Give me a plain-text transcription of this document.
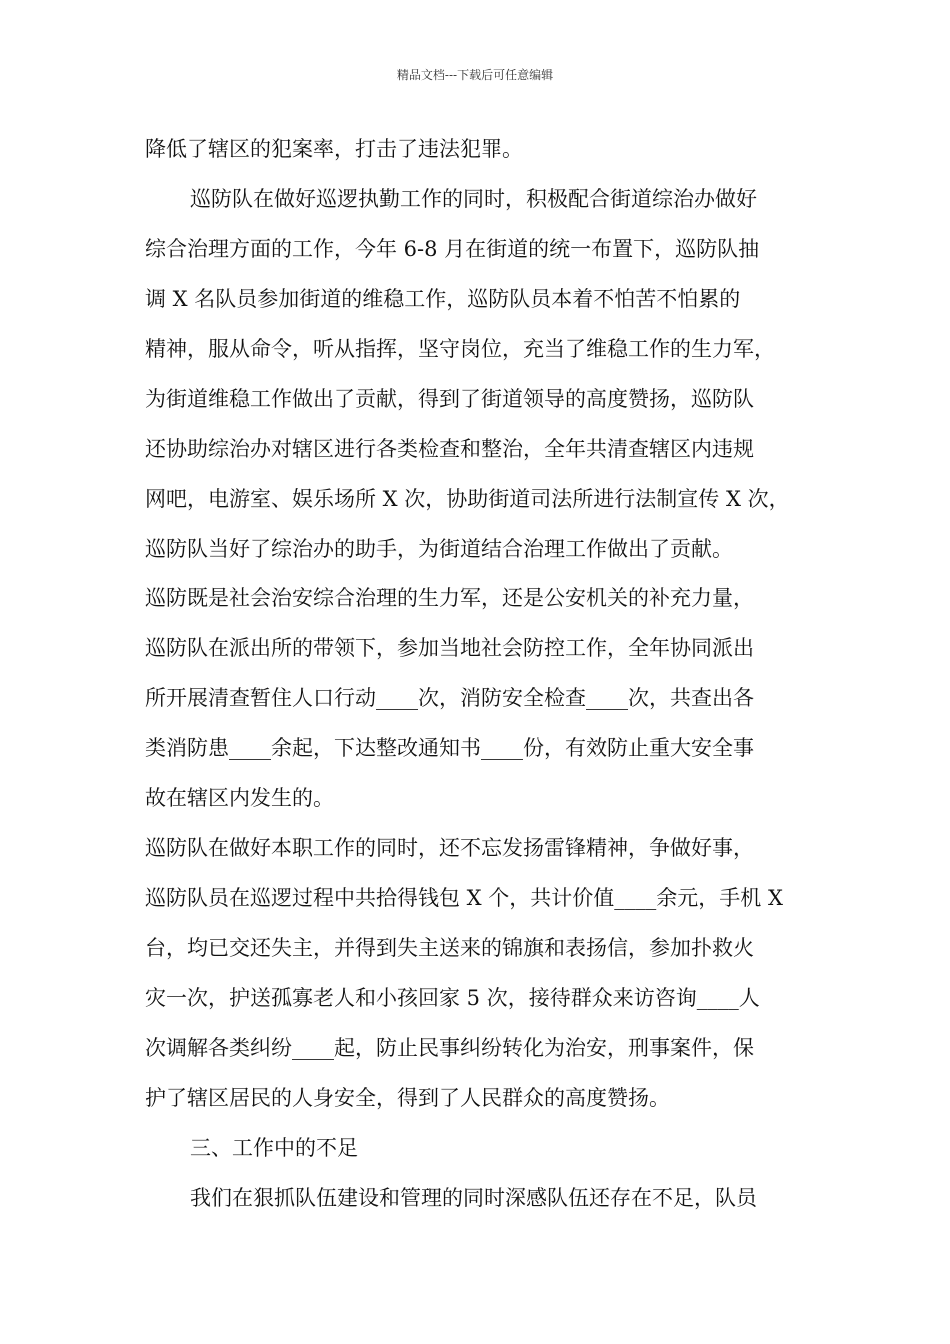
精品文档---下载后可任意编辑
降低了辖区的犯案率，打击了违法犯罪。
巡防队在做好巡逻执勤工作的同时，积极配合街道综治办做好
综合治理方面的工作，今年 6-8 月在街道的统一布置下，巡防队抽
调 X 名队员参加街道的维稳工作，巡防队员本着不怕苦不怕累的
精神，服从命令，听从指挥，坚守岗位，充当了维稳工作的生力军，
为街道维稳工作做出了贡献，得到了街道领导的高度赞扬，巡防队
还协助综治办对辖区进行各类检查和整治，全年共清查辖区内违规
网吧，电游室、娱乐场所 X 次，协助街道司法所进行法制宣传 X 次，
巡防队当好了综治办的助手，为街道结合治理工作做出了贡献。
巡防既是社会治安综合治理的生力军，还是公安机关的补充力量，
巡防队在派出所的带领下，参加当地社会防控工作，全年协同派出
所开展清查暂住人口行动____次，消防安全检查____次，共查出各
类消防患____余起，下达整改通知书____份，有效防止重大安全事
故在辖区内发生的。
巡防队在做好本职工作的同时，还不忘发扬雷锋精神，争做好事，
巡防队员在巡逻过程中共拾得钱包 X 个，共计价值____余元，手机 X
台，均已交还失主，并得到失主送来的锦旗和表扬信，参加扑救火
灾一次，护送孤寡老人和小孩回家 5 次，接待群众来访咨询____人
次调解各类纠纷____起，防止民事纠纷转化为治安，刑事案件，保
护了辖区居民的人身安全，得到了人民群众的高度赞扬。
三、工作中的不足
我们在狠抓队伍建设和管理的同时深感队伍还存在不足，队员
